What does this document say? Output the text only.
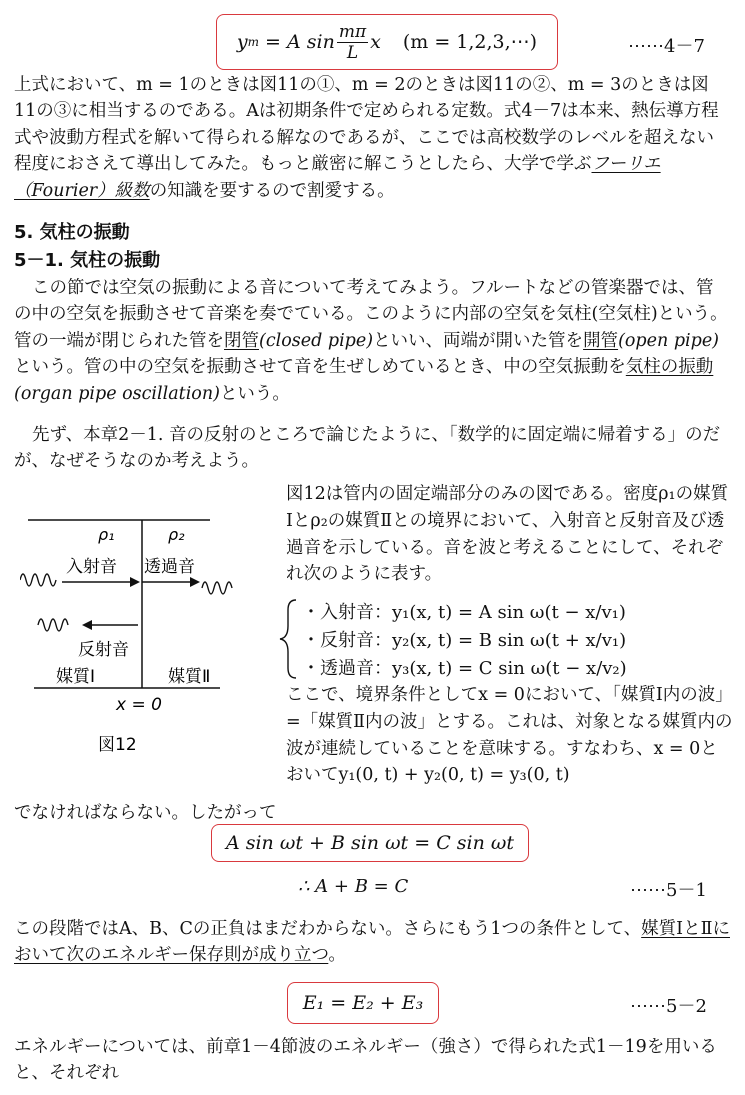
y m = A $\sin \frac{m\pi}{L}$ x (m = 1,2,3,⋯)	⋯⋯4－7
上式において、m = 1のときは図11の①、m = 2のときは図11の②、m = 3のときは図11の③に相当するのである。Aは初期条件で定められる定数。式4－7は本来、熱伝導方程式や波動方程式を解いて得られる解なのであるが、ここでは高校数学のレベルを超えない程度におさえて導出してみた。もっと厳密に解こうとしたら、大学で学ぶフーリエ（Fourier）級数の知識を要するので割愛する。
5. 気柱の振動
5－1. 気柱の振動
この節では空気の振動による音について考えてみよう。フルートなどの管楽器では、管の中の空気を振動させて音楽を奏でている。このように内部の空気を気柱(空気柱)という。管の一端が閉じられた管を閉管(closed pipe)といい、両端が開いた管を開管(open pipe)という。管の中の空気を振動させて音を生ぜしめているとき、中の空気振動を気柱の振動(organ pipe oscillation)という。
先ず、本章2－1. 音の反射のところで論じたように、「数学的に固定端に帰着する」のだが、なぜそうなのか考えよう。
ρ₁	ρ₂
入射音 透過音
反射音
媒質Ⅰ	媒質Ⅱ
x = 0
図12
図12は管内の固定端部分のみの図である。密度ρ₁の媒質Ⅰとρ₂の媒質Ⅱとの境界において、入射音と反射音及び透過音を示している。音を波と考えることにして、それぞれ次のように表す。
・入射音：y₁(x, t) = A sin ω(t − x/v₁)
・反射音：y₂(x, t) = B sin ω(t + x/v₁)
・透過音：y₃(x, t) = C sin ω(t − x/v₂)
ここで、境界条件としてx = 0において、「媒質Ⅰ内の波」=「媒質Ⅱ内の波」とする。これは、対象となる媒質内の波が連続していることを意味する。すなわち、x = 0とおいてy₁(0, t) + y₂(0, t) = y₃(0, t)
でなければならない。したがって
A sin ωt + B sin ωt = C sin ωt
∴ A + B = C	⋯⋯5－1
この段階ではA、B、Cの正負はまだわからない。さらにもう1つの条件として、媒質ⅠとⅡにおいて次のエネルギー保存則が成り立つ。
E₁ = E₂ + E₃	⋯⋯5－2
エネルギーについては、前章1－4節波のエネルギー（強さ）で得られた式1－19を用いると、それぞれ
